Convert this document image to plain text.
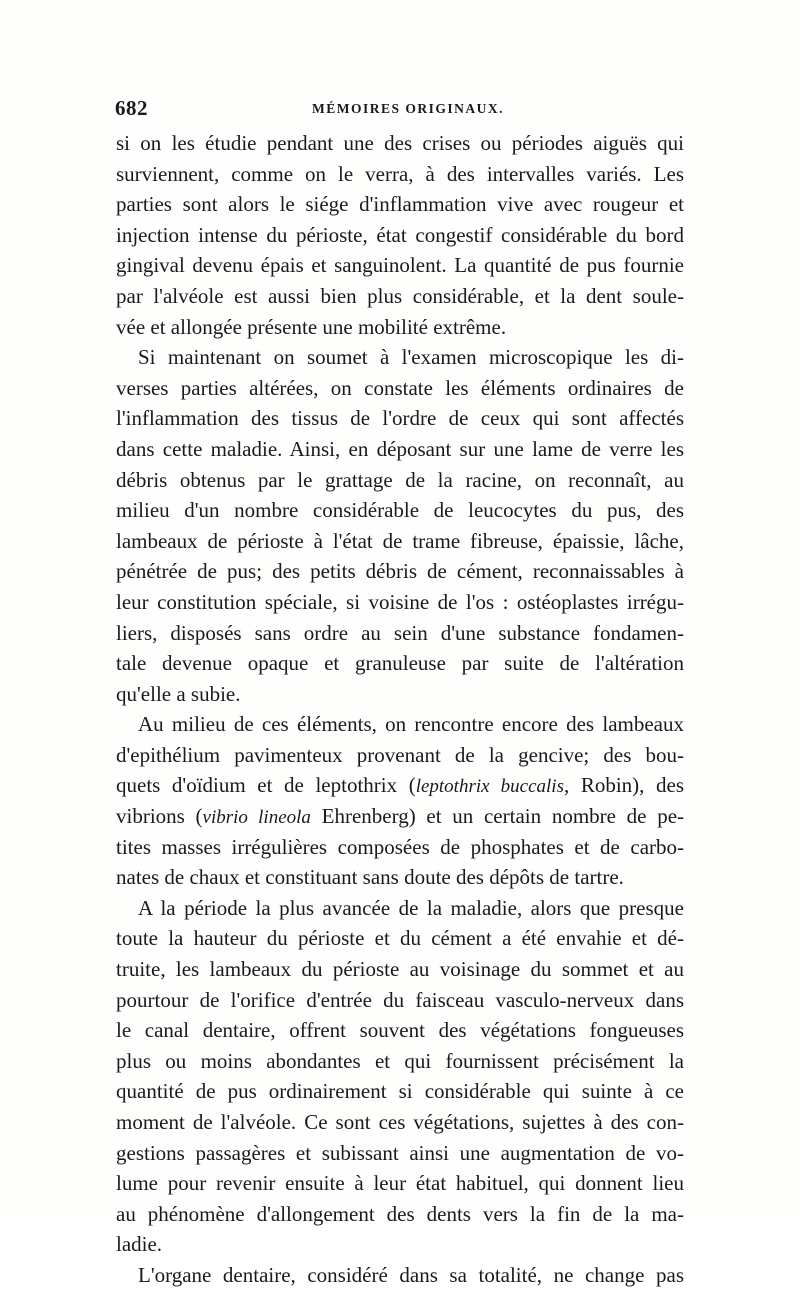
682	MÉMOIRES ORIGINAUX.
si on les étudie pendant une des crises ou périodes aiguës qui
surviennent, comme on le verra, à des intervalles variés. Les
parties sont alors le siége d'inflammation vive avec rougeur et
injection intense du périoste, état congestif considérable du bord
gingival devenu épais et sanguinolent. La quantité de pus fournie
par l'alvéole est aussi bien plus considérable, et la dent soule-
vée et allongée présente une mobilité extrême.
Si maintenant on soumet à l'examen microscopique les di-
verses parties altérées, on constate les éléments ordinaires de
l'inflammation des tissus de l'ordre de ceux qui sont affectés
dans cette maladie. Ainsi, en déposant sur une lame de verre les
débris obtenus par le grattage de la racine, on reconnaît, au
milieu d'un nombre considérable de leucocytes du pus, des
lambeaux de périoste à l'état de trame fibreuse, épaissie, lâche,
pénétrée de pus; des petits débris de cément, reconnaissables à
leur constitution spéciale, si voisine de l'os : ostéoplastes irrégu-
liers, disposés sans ordre au sein d'une substance fondamen-
tale devenue opaque et granuleuse par suite de l'altération
qu'elle a subie.
Au milieu de ces éléments, on rencontre encore des lambeaux
d'epithélium pavimenteux provenant de la gencive; des bou-
quets d'oïdium et de leptothrix (leptothrix buccalis, Robin), des
vibrions (vibrio lineola Ehrenberg) et un certain nombre de pe-
tites masses irrégulières composées de phosphates et de carbo-
nates de chaux et constituant sans doute des dépôts de tartre.
A la période la plus avancée de la maladie, alors que presque
toute la hauteur du périoste et du cément a été envahie et dé-
truite, les lambeaux du périoste au voisinage du sommet et au
pourtour de l'orifice d'entrée du faisceau vasculo-nerveux dans
le canal dentaire, offrent souvent des végétations fongueuses
plus ou moins abondantes et qui fournissent précisément la
quantité de pus ordinairement si considérable qui suinte à ce
moment de l'alvéole. Ce sont ces végétations, sujettes à des con-
gestions passagères et subissant ainsi une augmentation de vo-
lume pour revenir ensuite à leur état habituel, qui donnent lieu
au phénomène d'allongement des dents vers la fin de la ma-
ladie.
L'organe dentaire, considéré dans sa totalité, ne change pas
